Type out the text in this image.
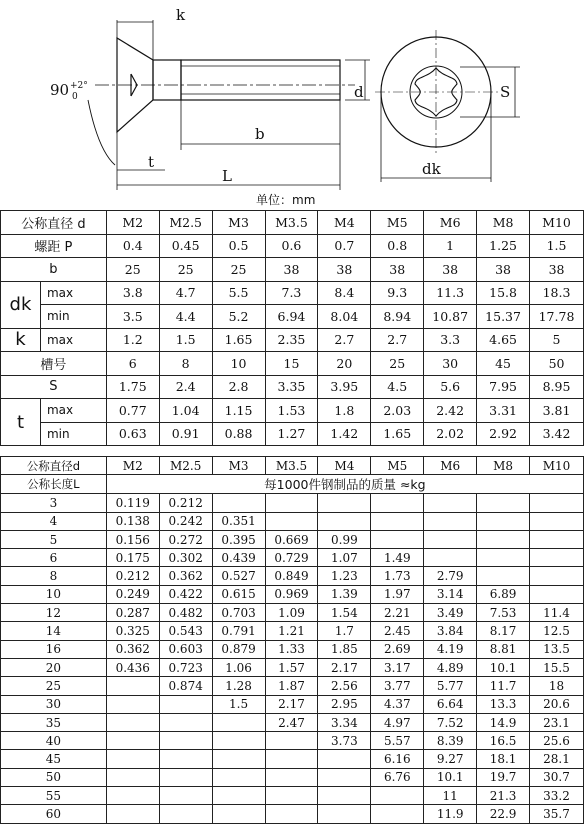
k
b
t
L
d	S
dk
90 +2°
0
单位：mm
公称直径 d		M2	M2.5	M3	M3.5	M4	M5	M6	M8	M10
螺距 P		0.4	0.45	0.5	0.6	0.7	0.8	1	1.25	1.5
b		25	25	25	38	38	38	38	38	38
dk	max	3.8	4.7	5.5	7.3	8.4	9.3	11.3	15.8	18.3
	min	3.5	4.4	5.2	6.94	8.04	8.94	10.87	15.37	17.78
k	max	1.2	1.5	1.65	2.35	2.7	2.7	3.3	4.65	5
槽号		6	8	10	15	20	25	30	45	50
S		1.75	2.4	2.8	3.35	3.95	4.5	5.6	7.95	8.95
t	max	0.77	1.04	1.15	1.53	1.8	2.03	2.42	3.31	3.81
	min	0.63	0.91	0.88	1.27	1.42	1.65	2.02	2.92	3.42
公称直径d	M2	M2.5	M3	M3.5	M4	M5	M6	M8	M10
公称长度L	每1000件钢制品的质量 ≈kg								
3	0.119	0.212							
4	0.138	0.242	0.351						
5	0.156	0.272	0.395	0.669	0.99				
6	0.175	0.302	0.439	0.729	1.07	1.49			
8	0.212	0.362	0.527	0.849	1.23	1.73	2.79		
10	0.249	0.422	0.615	0.969	1.39	1.97	3.14	6.89	
12	0.287	0.482	0.703	1.09	1.54	2.21	3.49	7.53	11.4
14	0.325	0.543	0.791	1.21	1.7	2.45	3.84	8.17	12.5
16	0.362	0.603	0.879	1.33	1.85	2.69	4.19	8.81	13.5
20	0.436	0.723	1.06	1.57	2.17	3.17	4.89	10.1	15.5
25		0.874	1.28	1.87	2.56	3.77	5.77	11.7	18
30			1.5	2.17	2.95	4.37	6.64	13.3	20.6
35				2.47	3.34	4.97	7.52	14.9	23.1
40					3.73	5.57	8.39	16.5	25.6
45						6.16	9.27	18.1	28.1
50						6.76	10.1	19.7	30.7
55							11	21.3	33.2
60							11.9	22.9	35.7
